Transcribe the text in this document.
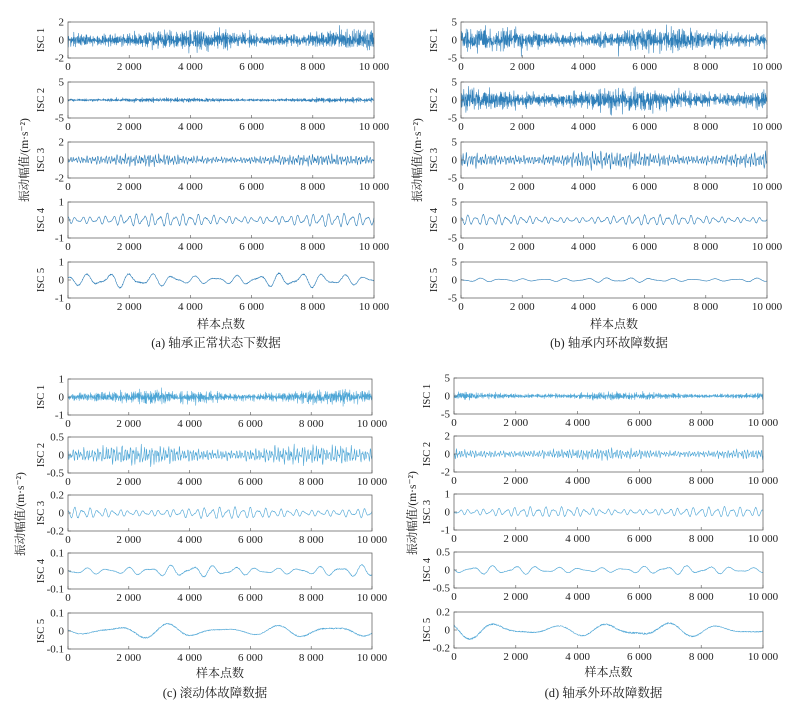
2
0
-2
0	2 000	4 000	6 000	8 000	10 000
ISC 1
5
0
-5
0	2 000	4 000	6 000	8 000	10 000
ISC 2
2
0
-2
0	2 000	4 000	6 000	8 000	10 000
ISC 3
1
0
-1
0	2 000	4 000	6 000	8 000	10 000
ISC 4
1
0
-1
0	2 000	4 000	6 000	8 000	10 000
ISC 5
振动幅值/(m·s⁻²)
样本点数
(a) 轴承正常状态下数据
5
0
-5
0	2 000	4 000	6 000	8 000	10 000
ISC 1
5
0
-5
0	2 000	4 000	6 000	8 000	10 000
ISC 2
5
0
-5
0	2 000	4 000	6 000	8 000	10 000
ISC 3
5
0
-5
0	2 000	4 000	6 000	8 000	10 000
ISC 4
5
0
-5
0	2 000	4 000	6 000	8 000	10 000
ISC 5
振动幅值/(m·s⁻²)
样本点数
(b) 轴承内环故障数据
1
0
-1
0	2 000	4 000	6 000	8 000	10 000
ISC 1
0.5
0
-0.5
0	2 000	4 000	6 000	8 000	10 000
ISC 2
0.2
0
-0.2
0	2 000	4 000	6 000	8 000	10 000
ISC 3
0.1
0
-0.1
0	2 000	4 000	6 000	8 000	10 000
ISC 4
0.1
0
-0.1
0	2 000	4 000	6 000	8 000	10 000
ISC 5
振动幅值/(m·s⁻²)
样本点数
(c) 滚动体故障数据
5
0
-5
0	2 000	4 000	6 000	8 000	10 000
ISC 1
2
0
-2
0	2 000	4 000	6 000	8 000	10 000
ISC 2
1
0
-1
0	2 000	4 000	6 000	8 000	10 000
ISC 3
0.5
0
-0.5
0	2 000	4 000	6 000	8 000	10 000
ISC 4
0.2
0
-0.2
0	2 000	4 000	6 000	8 000	10 000
ISC 5
振动幅值/(m·s⁻²)
样本点数
(d) 轴承外环故障数据
